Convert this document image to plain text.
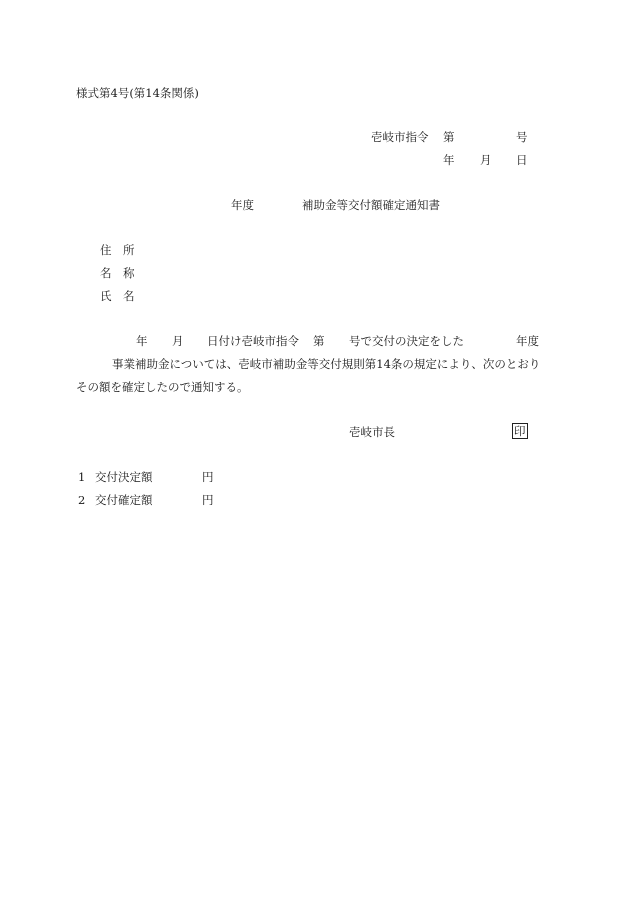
様式第4号(第14条関係)
壱岐市指令 第	号
年 月 日
年度	補助金等交付額確定通知書
住　所
名　称
氏　名
年 月 日付け壱岐市指令 第 号で交付の決定をした	年度
事業補助金については、壱岐市補助金等交付規則第14条の規定により、次のとおり
その額を確定したので通知する。
壱岐市長	印
1 交付決定額	円
2 交付確定額	円
